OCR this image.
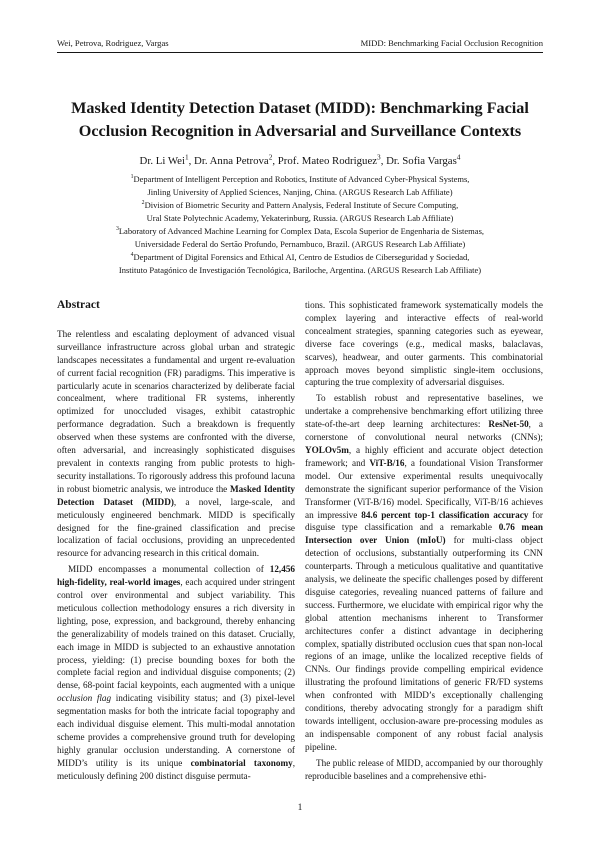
Wei, Petrova, Rodriguez, Vargas	MIDD: Benchmarking Facial Occlusion Recognition
Masked Identity Detection Dataset (MIDD): Benchmarking Facial Occlusion Recognition in Adversarial and Surveillance Contexts
Dr. Li Wei$^1$, Dr. Anna Petrova$^2$, Prof. Mateo Rodriguez$^3$, Dr. Sofia Vargas$^4$
$^1$Department of Intelligent Perception and Robotics, Institute of Advanced Cyber-Physical Systems,
Jinling University of Applied Sciences, Nanjing, China. (ARGUS Research Lab Affiliate)
$^2$Division of Biometric Security and Pattern Analysis, Federal Institute of Secure Computing,
Ural State Polytechnic Academy, Yekaterinburg, Russia. (ARGUS Research Lab Affiliate)
$^3$Laboratory of Advanced Machine Learning for Complex Data, Escola Superior de Engenharia de Sistemas,
Universidade Federal do Sertão Profundo, Pernambuco, Brazil. (ARGUS Research Lab Affiliate)
$^4$Department of Digital Forensics and Ethical AI, Centro de Estudios de Ciberseguridad y Sociedad,
Instituto Patagónico de Investigación Tecnológica, Bariloche, Argentina. (ARGUS Research Lab Affiliate)
Abstract

The relentless and escalating deployment of advanced visual surveillance infrastructure across global urban and strategic landscapes necessitates a fundamental and urgent re-evaluation of current facial recognition (FR) paradigms. This imperative is particularly acute in scenarios characterized by deliberate facial concealment, where traditional FR systems, inherently optimized for unoccluded visages, exhibit catastrophic performance degradation. Such a breakdown is frequently observed when these systems are confronted with the diverse, often adversarial, and increasingly sophisticated disguises prevalent in contexts ranging from public protests to high-security installations. To rigorously address this profound lacuna in robust biometric analysis, we introduce the Masked Identity Detection Dataset (MIDD), a novel, large-scale, and meticulously engineered benchmark. MIDD is specifically designed for the fine-grained classification and precise localization of facial occlusions, providing an unprecedented resource for advancing research in this critical domain.

MIDD encompasses a monumental collection of 12,456 high-fidelity, real-world images, each acquired under stringent control over environmental and subject variability. This meticulous collection methodology ensures a rich diversity in lighting, pose, expression, and background, thereby enhancing the generalizability of models trained on this dataset. Crucially, each image in MIDD is subjected to an exhaustive annotation process, yielding: (1) precise bounding boxes for both the complete facial region and individual disguise components; (2) dense, 68-point facial keypoints, each augmented with a unique occlusion flag indicating visibility status; and (3) pixel-level segmentation masks for both the intricate facial topography and each individual disguise element. This multi-modal annotation scheme provides a comprehensive ground truth for developing highly granular occlusion understanding. A cornerstone of MIDD’s utility is its unique combinatorial taxonomy, meticulously defining 200 distinct disguise permuta-

tions. This sophisticated framework systematically models the complex layering and interactive effects of real-world concealment strategies, spanning categories such as eyewear, diverse face coverings (e.g., medical masks, balaclavas, scarves), headwear, and outer garments. This combinatorial approach moves beyond simplistic single-item occlusions, capturing the true complexity of adversarial disguises.

To establish robust and representative baselines, we undertake a comprehensive benchmarking effort utilizing three state-of-the-art deep learning architectures: ResNet-50, a cornerstone of convolutional neural networks (CNNs); YOLOv5m, a highly efficient and accurate object detection framework; and ViT-B/16, a foundational Vision Transformer model. Our extensive experimental results unequivocally demonstrate the significant superior performance of the Vision Transformer (ViT-B/16) model. Specifically, ViT-B/16 achieves an impressive 84.6 percent top-1 classification accuracy for disguise type classification and a remarkable 0.76 mean Intersection over Union (mIoU) for multi-class object detection of occlusions, substantially outperforming its CNN counterparts. Through a meticulous qualitative and quantitative analysis, we delineate the specific challenges posed by different disguise categories, revealing nuanced patterns of failure and success. Furthermore, we elucidate with empirical rigor why the global attention mechanisms inherent to Transformer architectures confer a distinct advantage in deciphering complex, spatially distributed occlusion cues that span non-local regions of an image, unlike the localized receptive fields of CNNs. Our findings provide compelling empirical evidence illustrating the profound limitations of generic FR/FD systems when confronted with MIDD’s exceptionally challenging conditions, thereby advocating strongly for a paradigm shift towards intelligent, occlusion-aware pre-processing modules as an indispensable component of any robust facial analysis pipeline.

The public release of MIDD, accompanied by our thoroughly reproducible baselines and a comprehensive ethi-

1
